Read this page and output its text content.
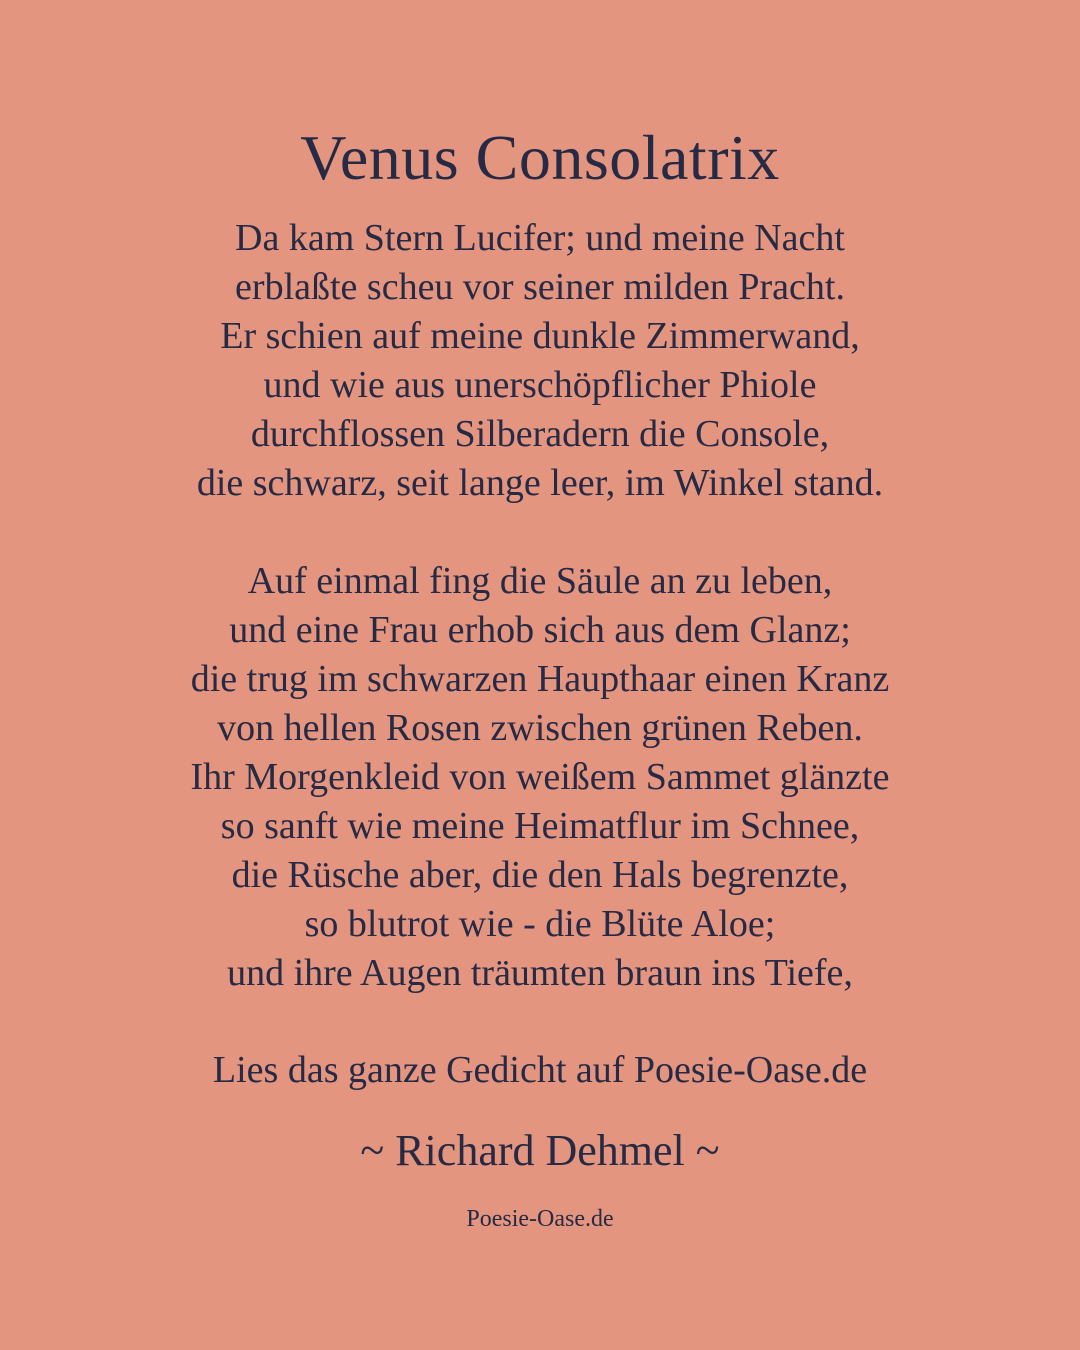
Venus Consolatrix
Da kam Stern Lucifer; und meine Nacht
erblaßte scheu vor seiner milden Pracht.
Er schien auf meine dunkle Zimmerwand,
und wie aus unerschöpflicher Phiole
durchflossen Silberadern die Console,
die schwarz, seit lange leer, im Winkel stand.
Auf einmal fing die Säule an zu leben,
und eine Frau erhob sich aus dem Glanz;
die trug im schwarzen Haupthaar einen Kranz
von hellen Rosen zwischen grünen Reben.
Ihr Morgenkleid von weißem Sammet glänzte
so sanft wie meine Heimatflur im Schnee,
die Rüsche aber, die den Hals begrenzte,
so blutrot wie - die Blüte Aloe;
und ihre Augen träumten braun ins Tiefe,
Lies das ganze Gedicht auf Poesie-Oase.de
~ Richard Dehmel ~
Poesie-Oase.de
